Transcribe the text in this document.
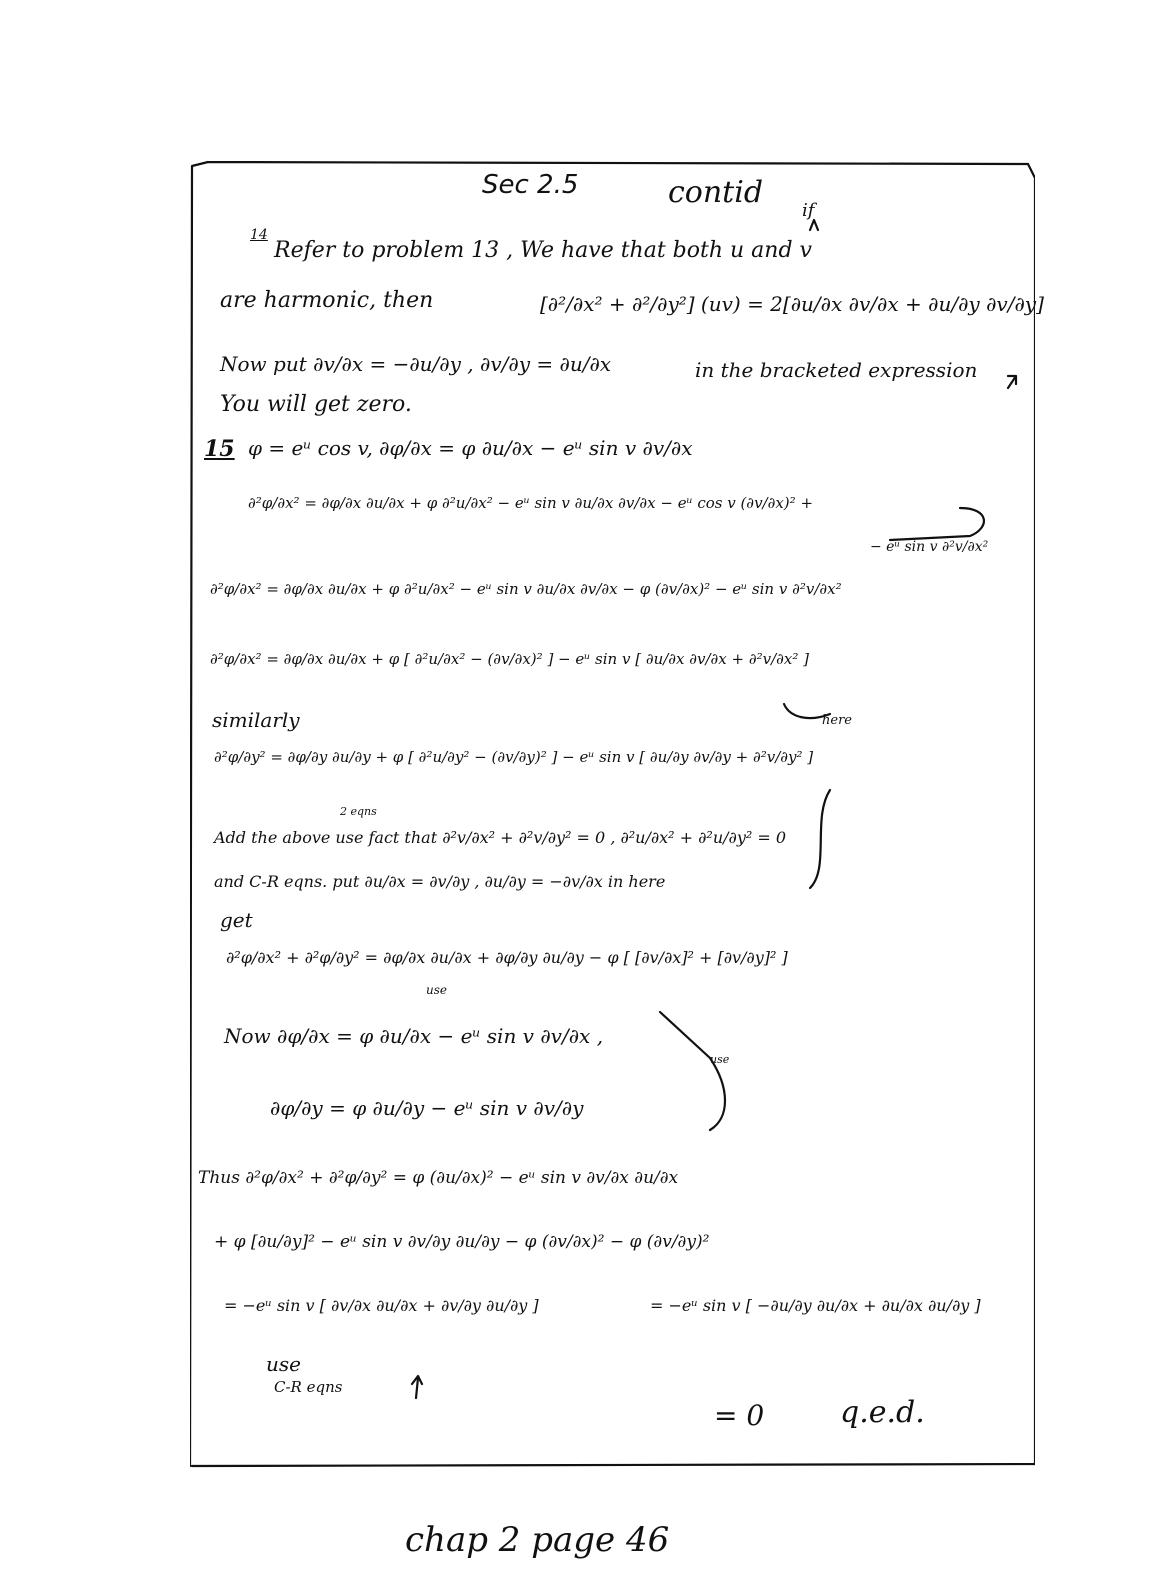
Sec 2.5
if
contid
14
Refer to problem 13 , We have that both u and v
are harmonic, then	[∂²/∂x² + ∂²/∂y²] (uv) = 2[∂u/∂x ∂v/∂x + ∂u/∂y ∂v/∂y]
Now put ∂v/∂x = −∂u/∂y , ∂v/∂y = ∂u/∂x	in the bracketed expression
You will get zero.
15 φ = eᵘ cos v, ∂φ/∂x = φ ∂u/∂x − eᵘ sin v ∂v/∂x
∂²φ/∂x² = ∂φ/∂x ∂u/∂x + φ ∂²u/∂x² − eᵘ sin v ∂u/∂x ∂v/∂x − eᵘ cos v (∂v/∂x)² +
− eᵘ sin v ∂²v/∂x²
∂²φ/∂x² = ∂φ/∂x ∂u/∂x + φ ∂²u/∂x² − eᵘ sin v ∂u/∂x ∂v/∂x − φ (∂v/∂x)² − eᵘ sin v ∂²v/∂x²
∂²φ/∂x² = ∂φ/∂x ∂u/∂x + φ [ ∂²u/∂x² − (∂v/∂x)² ] − eᵘ sin v [ ∂u/∂x ∂v/∂x + ∂²v/∂x² ]
here
similarly
∂²φ/∂y² = ∂φ/∂y ∂u/∂y + φ [ ∂²u/∂y² − (∂v/∂y)² ] − eᵘ sin v [ ∂u/∂y ∂v/∂y + ∂²v/∂y² ]
2 eqns
Add the above use fact that ∂²v/∂x² + ∂²v/∂y² = 0 , ∂²u/∂x² + ∂²u/∂y² = 0
and C-R eqns. put ∂u/∂x = ∂v/∂y , ∂u/∂y = −∂v/∂x in here
get
∂²φ/∂x² + ∂²φ/∂y² = ∂φ/∂x ∂u/∂x + ∂φ/∂y ∂u/∂y − φ [ [∂v/∂x]² + [∂v/∂y]² ]
use
Now ∂φ/∂x = φ ∂u/∂x − eᵘ sin v ∂v/∂x ,
use
∂φ/∂y = φ ∂u/∂y − eᵘ sin v ∂v/∂y
Thus ∂²φ/∂x² + ∂²φ/∂y² = φ (∂u/∂x)² − eᵘ sin v ∂v/∂x ∂u/∂x
+ φ [∂u/∂y]² − eᵘ sin v ∂v/∂y ∂u/∂y − φ (∂v/∂x)² − φ (∂v/∂y)²
= −eᵘ sin v [ ∂v/∂x ∂u/∂x + ∂v/∂y ∂u/∂y ]	= −eᵘ sin v [ −∂u/∂y ∂u/∂x + ∂u/∂x ∂u/∂y ]
use
C-R eqns
= 0	q.e.d.
chap 2 page 46
